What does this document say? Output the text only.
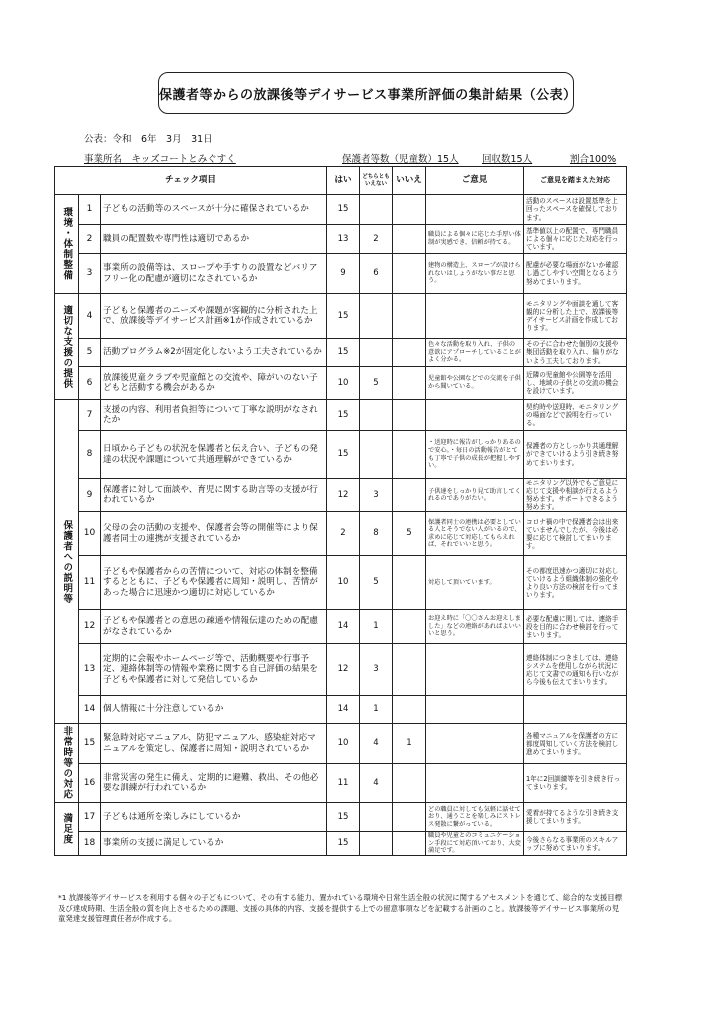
保護者等からの放課後等デイサービス事業所評価の集計結果（公表）
公表：令和　6年　3月　31日
事業所名　キッズコートとみぐすく	保護者等数（児童数）15人 回収数15人	割合100%
チェック項目			はい	どちらとも いえない	いいえ	ご意見	ご意見を踏まえた対応

環境・体制整備	1	子どもの活動等のスペースが十分に確保されているか	15				活動のスペースは設置基準を上回ったスペースを確保しております。
	2	職員の配置数や専門性は適切であるか	13	2		職員による個々に応じた手厚い体制が実感でき、信頼が持てる。	基準値以上の配置で、専門職員による個々に応じた対応を行っています。
	3	事業所の設備等は、スロープや手すりの設置などバリアフリー化の配慮が適切になされているか	9	6		建物の構造上、スロープが設けられないはしょうがない事だと思う。	配慮が必要な場面がないか確認し過ごしやすい空間となるよう努めてまいります。

適切な支援の提供	4	子どもと保護者のニーズや課題が客観的に分析された上で、放課後等デイサービス計画※1が作成されているか	15				モニタリングや面談を通して客観的に分析した上で、放課後等デイサービス計画を作成しております。
	5	活動プログラム※2が固定化しないよう工夫されているか	15			色々な活動を取り入れ、子供の意欲にアプローチしていることがよく分かる。	その子に合わせた個別の支援や集団活動を取り入れ、偏りがないよう工夫しております。
	6	放課後児童クラブや児童館との交流や、障がいのない子どもと活動する機会があるか	10	5		児童館や公園などでの交流を子供から聞いている。	近隣の児童館や公園等を活用し、地域の子供との交流の機会を設けています。

保護者への説明等	7	支援の内容、利用者負担等について丁寧な説明がなされたか	15				契約時や送迎時、モニタリングの場面などで説明を行っている。
	8	日頃から子どもの状況を保護者と伝え合い、子どもの発達の状況や課題について共通理解ができているか	15			・送迎時に報告がしっかりあるので安心。・毎日の活動報告がとても丁寧で子供の成長が把握しやすい。	保護者の方としっかり共通理解ができていけるよう引き続き努めてまいります。
	9	保護者に対して面談や、育児に関する助言等の支援が行われているか	12	3		子供達をしっかり見て助言してくれるのでありがたい。	モニタリング以外でもご意見に応じて支援や相談が行えるよう努めます。サポートできるよう努めます。
	10	父母の会の活動の支援や、保護者会等の開催等により保護者同士の連携が支援されているか	2	8	5	保護者同士の連携は必要としている人とそうでない人がいるので、求めに応じて対応してもらえれば、それでいいと思う。	コロナ禍の中で保護者会は出来ていませんでしたが、今後は必要に応じて検討してまいります。
	11	子どもや保護者からの苦情について、対応の体制を整備するとともに、子どもや保護者に周知・説明し、苦情があった場合に迅速かつ適切に対応しているか	10	5		対応して頂いています。	その都度迅速かつ適切に対応していけるよう組織体制の強化やより良い方法の検討を行ってまいります。
	12	子どもや保護者との意思の疎通や情報伝達のための配慮がなされているか	14	1		お迎え時に「〇〇さんお迎えしました」などの連絡があればよいいいと思う。	必要な配慮に関しては、連絡手段を目的に合わせ検討を行ってまいります。
	13	定期的に会報やホームページ等で、活動概要や行事予定、連絡体制等の情報や業務に関する自己評価の結果を子どもや保護者に対して発信しているか	12	3			連絡体制につきましては、連絡システムを使用しながら状況に応じて文書での通知も行いながら今後も伝えてまいります。
	14	個人情報に十分注意しているか	14	1			

非常時等の対応	15	緊急時対応マニュアル、防犯マニュアル、感染症対応マニュアルを策定し、保護者に周知・説明されているか	10	4	1		各種マニュアルを保護者の方に都度周知していく方法を検討し進めてまいります。
	16	非常災害の発生に備え、定期的に避難、救出、その他必要な訓練が行われているか	11	4			1年に2回訓練等を引き続き行ってまいります。

満足度	17	子どもは通所を楽しみにしているか	15			どの職員に対しても気軽に話せており、通うことを楽しみにストレス発散に繋がっている。	愛着が持てるような引き続き支援してまいります。
	18	事業所の支援に満足しているか	15			職員や児童とのコミュニケーション手段にて対応頂いており、大変満足です。	今後さらなる事業所のスキルアップに努めてまいります。
*1 放課後等デイサービスを利用する個々の子どもについて、その有する能力、置かれている環境や日常生活全般の状況に関するアセスメントを通じて、総合的な支援目標及び達成時期、生活全般の質を向上させるための課題、支援の具体的内容、支援を提供する上での留意事項などを記載する計画のこと。放課後等デイサービス事業所の児童発達支援管理責任者が作成する。
